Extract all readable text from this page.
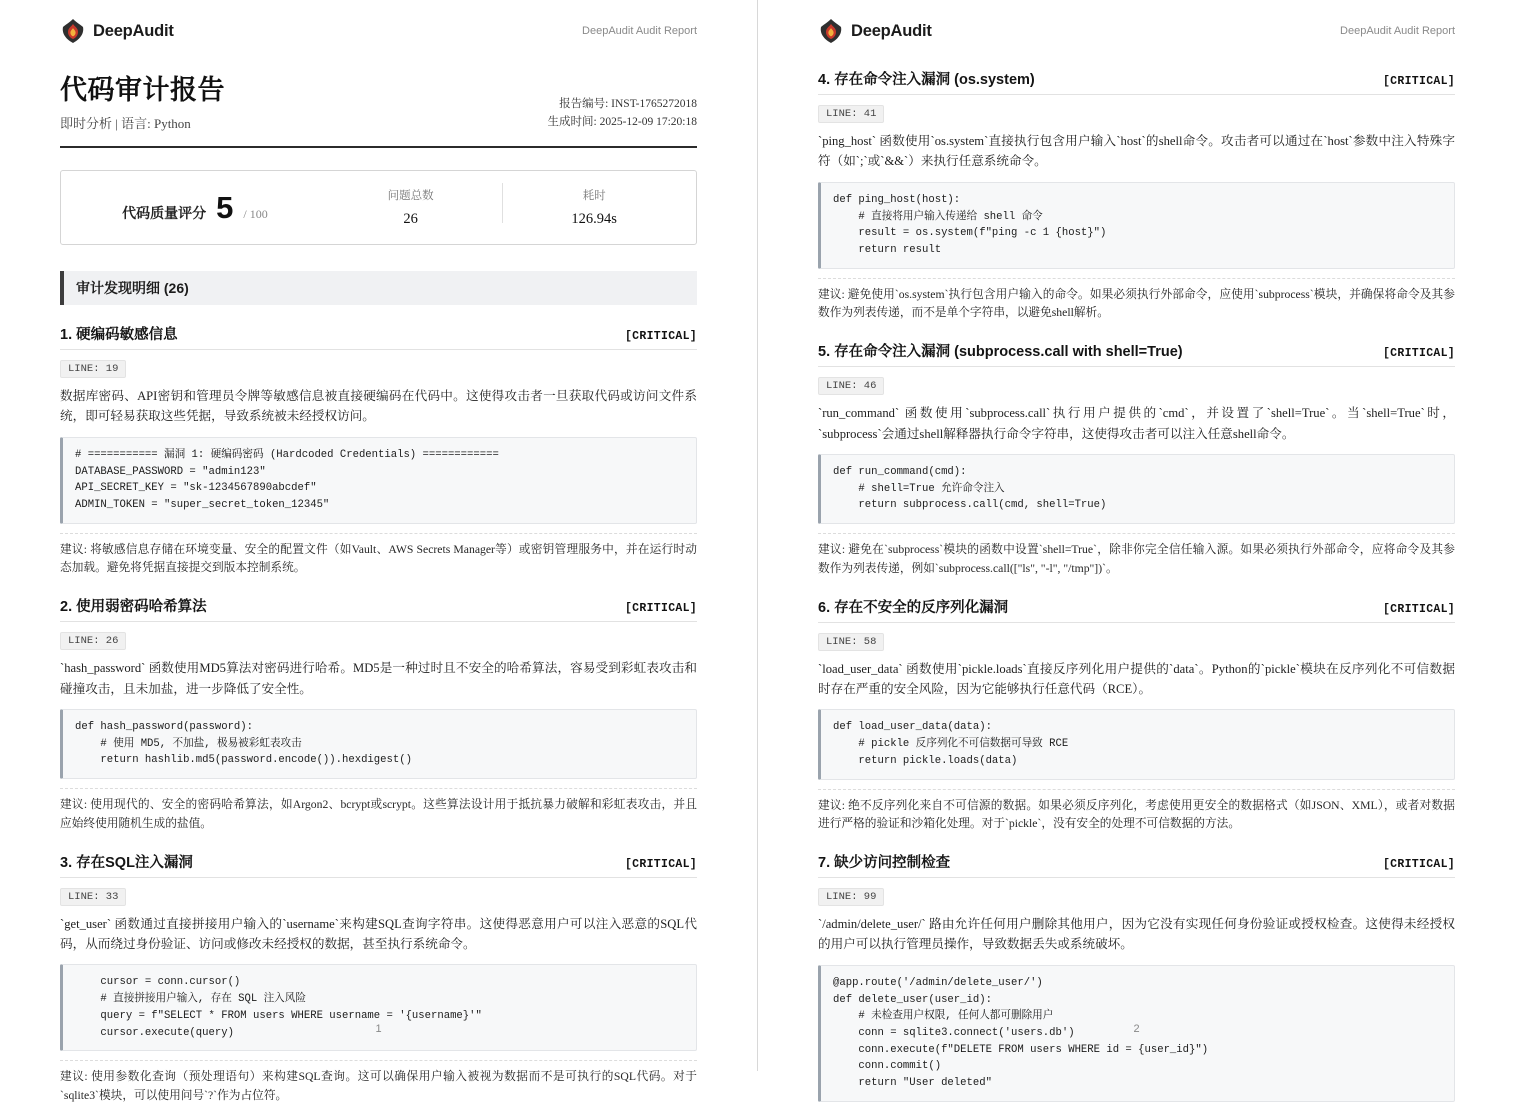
DeepAudit	DeepAudit Audit Report
代码审计报告
即时分析 | 语言: Python
报告编号: INST-1765272018
生成时间: 2025-12-09 17:20:18
代码质量评分 5 / 100
问题总数
26
耗时
126.94s
审计发现明细 (26)
1. 硬编码敏感信息	[CRITICAL]
LINE: 19
数据库密码、API密钥和管理员令牌等敏感信息被直接硬编码在代码中。这使得攻击者一旦获取代码或访问文件系统，即可轻易获取这些凭据，导致系统被未经授权访问。
# =========== 漏洞 1: 硬编码密码 (Hardcoded Credentials) ============
DATABASE_PASSWORD = "admin123"
API_SECRET_KEY = "sk-1234567890abcdef"
ADMIN_TOKEN = "super_secret_token_12345"
建议: 将敏感信息存储在环境变量、安全的配置文件（如Vault、AWS Secrets Manager等）或密钥管理服务中，并在运行时动态加载。避免将凭据直接提交到版本控制系统。
2. 使用弱密码哈希算法	[CRITICAL]
LINE: 26
`hash_password` 函数使用MD5算法对密码进行哈希。MD5是一种过时且不安全的哈希算法，容易受到彩虹表攻击和碰撞攻击，且未加盐，进一步降低了安全性。
def hash_password(password):
# 使用 MD5, 不加盐, 极易被彩虹表攻击
return hashlib.md5(password.encode()).hexdigest()
建议: 使用现代的、安全的密码哈希算法，如Argon2、bcrypt或scrypt。这些算法设计用于抵抗暴力破解和彩虹表攻击，并且应始终使用随机生成的盐值。
3. 存在SQL注入漏洞	[CRITICAL]
LINE: 33
`get_user` 函数通过直接拼接用户输入的`username`来构建SQL查询字符串。这使得恶意用户可以注入恶意的SQL代码，从而绕过身份验证、访问或修改未经授权的数据，甚至执行系统命令。
cursor = conn.cursor()
# 直接拼接用户输入, 存在 SQL 注入风险
query = f"SELECT * FROM users WHERE username = '{username}'"
cursor.execute(query)
建议: 使用参数化查询（预处理语句）来构建SQL查询。这可以确保用户输入被视为数据而不是可执行的SQL代码。对于`sqlite3`模块，可以使用问号`?`作为占位符。
1
DeepAudit	DeepAudit Audit Report
4. 存在命令注入漏洞 (os.system)	[CRITICAL]
LINE: 41
`ping_host` 函数使用`os.system`直接执行包含用户输入`host`的shell命令。攻击者可以通过在`host`参数中注入特殊字符（如`;`或`&&`）来执行任意系统命令。
def ping_host(host):
# 直接将用户输入传递给 shell 命令
result = os.system(f"ping -c 1 {host}")
return result
建议: 避免使用`os.system`执行包含用户输入的命令。如果必须执行外部命令，应使用`subprocess`模块，并确保将命令及其参数作为列表传递，而不是单个字符串，以避免shell解析。
5. 存在命令注入漏洞 (subprocess.call with shell=True)	[CRITICAL]
LINE: 46
`run_command` 函数使用`subprocess.call`执行用户提供的`cmd`，并设置了`shell=True`。当`shell=True`时，`subprocess`会通过shell解释器执行命令字符串，这使得攻击者可以注入任意shell命令。
def run_command(cmd):
# shell=True 允许命令注入
return subprocess.call(cmd, shell=True)
建议: 避免在`subprocess`模块的函数中设置`shell=True`，除非你完全信任输入源。如果必须执行外部命令，应将命令及其参数作为列表传递，例如`subprocess.call(["ls", "-l", "/tmp"])`。
6. 存在不安全的反序列化漏洞	[CRITICAL]
LINE: 58
`load_user_data` 函数使用`pickle.loads`直接反序列化用户提供的`data`。Python的`pickle`模块在反序列化不可信数据时存在严重的安全风险，因为它能够执行任意代码（RCE）。
def load_user_data(data):
# pickle 反序列化不可信数据可导致 RCE
return pickle.loads(data)
建议: 绝不反序列化来自不可信源的数据。如果必须反序列化，考虑使用更安全的数据格式（如JSON、XML），或者对数据进行严格的验证和沙箱化处理。对于`pickle`，没有安全的处理不可信数据的方法。
7. 缺少访问控制检查	[CRITICAL]
LINE: 99
`/admin/delete_user/` 路由允许任何用户删除其他用户，因为它没有实现任何身份验证或授权检查。这使得未经授权的用户可以执行管理员操作，导致数据丢失或系统破坏。
@app.route('/admin/delete_user/')
def delete_user(user_id):
# 未检查用户权限, 任何人都可删除用户
conn = sqlite3.connect('users.db')
conn.execute(f"DELETE FROM users WHERE id = {user_id}")
conn.commit()
return "User deleted"
2
